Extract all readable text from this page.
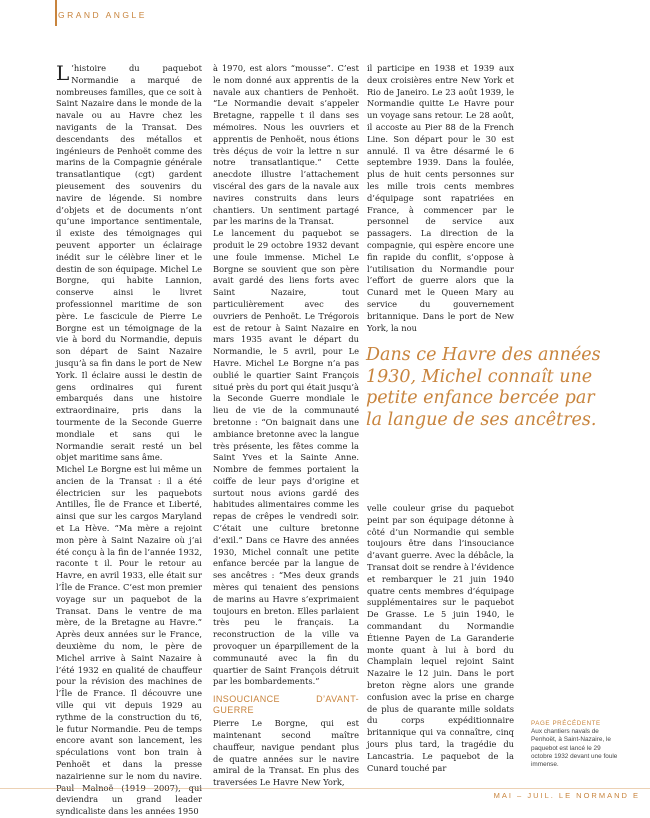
GRAND ANGLE

L ’histoire du paquebot Normandie a marqué de nombreuses familles, que ce soit à Saint Nazaire dans le monde de la navale ou au Havre chez les navigants de la Transat. Des descendants des métallos et ingénieurs de Penhoët comme des marins de la Compagnie générale transatlantique (cgt) gardent pieusement des souvenirs du navire de légende. Si nombre d’objets et de documents n’ont qu’une importance sentimentale, il existe des témoignages qui peuvent apporter un éclairage inédit sur le célèbre liner et le destin de son équipage. Michel Le Borgne, qui habite Lannion, conserve ainsi le livret professionnel maritime de son père. Le fascicule de Pierre Le Borgne est un témoignage de la vie à bord du Normandie, depuis son départ de Saint Nazaire jusqu’à sa fin dans le port de New York. Il éclaire aussi le destin de gens ordinaires qui furent embarqués dans une histoire extraordinaire, pris dans la tourmente de la Seconde Guerre mondiale et sans qui le Normandie serait resté un bel objet maritime sans âme.

Michel Le Borgne est lui même un ancien de la Transat : il a été électricien sur les paquebots Antilles, Île de France et Liberté, ainsi que sur les cargos Maryland et La Hève. “Ma mère a rejoint mon père à Saint Nazaire où j’ai été conçu à la fin de l’année 1932, raconte t il. Pour le retour au Havre, en avril 1933, elle était sur l’Île de France. C’est mon premier voyage sur un paquebot de la Transat. Dans le ventre de ma mère, de la Bretagne au Havre.” Après deux années sur le France, deuxième du nom, le père de Michel arrive à Saint Nazaire à l’été 1932 en qualité de chauffeur pour la révision des machines de l’Île de France. Il découvre une ville qui vit depuis 1929 au rythme de la construction du t6, le futur Normandie. Peu de temps encore avant son lancement, les spéculations vont bon train à Penhoët et dans la presse nazairienne sur le nom du navire. deviendra un grand leader syndicaliste dans les années 1950

à 1970, est alors “mousse”. C’est le nom donné aux apprentis de la navale aux chantiers de Penhoët. “Le Normandie devait s’appeler Bretagne, rappelle t il dans ses mémoires. Nous les ouvriers et apprentis de Penhoët, nous étions très déçus de voir la lettre n sur notre transatlantique.” Cette anecdote illustre l’attachement viscéral des gars de la navale aux navires construits dans leurs chantiers. Un sentiment partagé par les marins de la Transat.

Le lancement du paquebot se produit le 29 octobre 1932 devant une foule immense. Michel Le Borgne se souvient que son père avait gardé des liens forts avec Saint Nazaire, tout particulièrement avec des ouvriers de Penhoët. Le Trégorois est de retour à Saint Nazaire en mars 1935 avant le départ du Normandie, le 5 avril, pour Le Havre. Michel Le Borgne n’a pas oublié le quartier Saint François situé près du port qui était jusqu’à la Seconde Guerre mondiale le lieu de vie de la communauté bretonne : “On baignait dans une ambiance bretonne avec la langue très présente, les fêtes comme la Saint Yves et la Sainte Anne. Nombre de femmes portaient la coiffe de leur pays d’origine et surtout nous avions gardé des habitudes alimentaires comme les repas de crêpes le vendredi soir. C’était une culture bretonne d’exil.” Dans ce Havre des années 1930, Michel connaît une petite enfance bercée par la langue de ses ancêtres : “Mes deux grands mères qui tenaient des pensions de marins au Havre s’exprimaient toujours en breton. Elles parlaient très peu le français. La reconstruction de la ville va provoquer un éparpillement de la communauté avec la fin du quartier de Saint François détruit par les bombardements.”

INSOUCIANCE D’AVANT- GUERRE

Pierre Le Borgne, qui est maintenant second maître chauffeur, navigue pendant plus de quatre années sur le navire amiral de la Transat. En plus des traversées Le Havre New York,

il participe en 1938 et 1939 aux deux croisières entre New York et Rio de Janeiro. Le 23 août 1939, le Normandie quitte Le Havre pour un voyage sans retour. Le 28 août, il accoste au Pier 88 de la French Line. Son départ pour le 30 est annulé. Il va être désarmé le 6 septembre 1939. Dans la foulée, plus de huit cents personnes sur les mille trois cents membres d’équipage sont rapatriées en France, à commencer par le personnel de service aux passagers. La direction de la compagnie, qui espère encore une fin rapide du conflit, s’oppose à l’utilisation du Normandie pour l’effort de guerre alors que la Cunard met le Queen Mary au service du gouvernement britannique. Dans le port de New York, la nou

Dans ce Havre des années 1930, Michel connaît une petite enfance bercée par la langue de ses ancêtres.

velle couleur grise du paquebot peint par son équipage détonne à côté d’un Normandie qui semble toujours être dans l’insouciance d’avant guerre. Avec la débâcle, la Transat doit se rendre à l’évidence et rembarquer le 21 juin 1940 quatre cents membres d’équipage supplémentaires sur le paquebot De Grasse. Le 5 juin 1940, le commandant du Normandie Étienne Payen de La Garanderie monte quant à lui à bord du Champlain lequel rejoint Saint Nazaire le 12 juin. Dans le port breton règne alors une grande confusion avec la prise en charge de plus de quarante mille soldats du corps expéditionnaire britannique qui va connaître, cinq jours plus tard, la tragédie du Lancastria. Le paquebot de la Cunard touché par

PAGE PRÉCÉDENTE
Aux chantiers navals de Penhoët, à Saint-Nazaire, le paquebot est lancé le 29 octobre 1932 devant une foule immense.
MAI – JUIL. LE NORMAND E
